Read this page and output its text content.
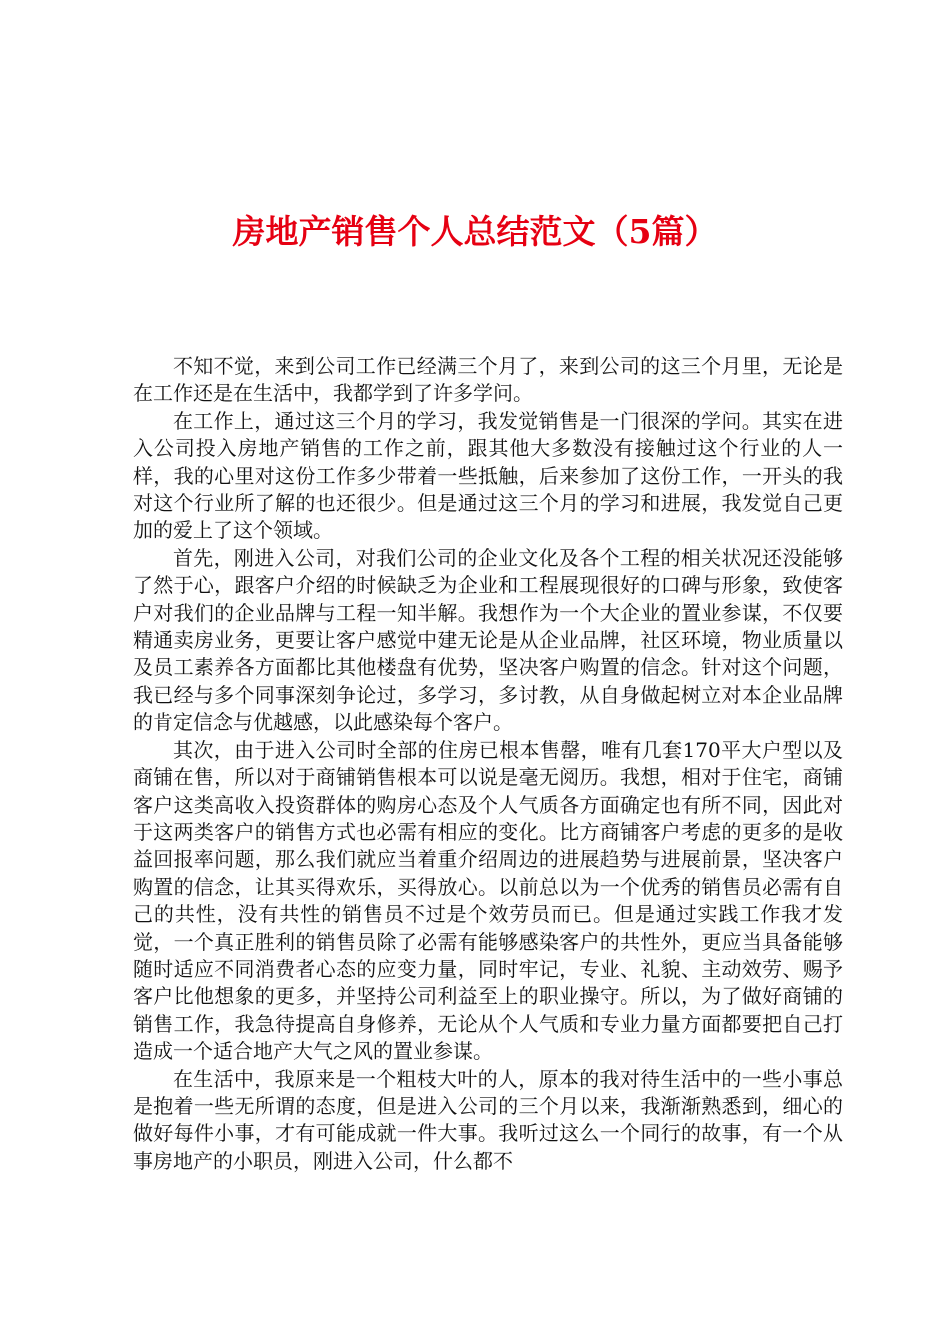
房地产销售个人总结范文（5篇）

不知不觉，来到公司工作已经满三个月了，来到公司的这三个月里，无论是在工作还是在生活中，我都学到了许多学问。

在工作上，通过这三个月的学习，我发觉销售是一门很深的学问。其实在进入公司投入房地产销售的工作之前，跟其他大多数没有接触过这个行业的人一样，我的心里对这份工作多少带着一些抵触，后来参加了这份工作，一开头的我对这个行业所了解的也还很少。但是通过这三个月的学习和进展，我发觉自己更加的爱上了这个领域。

首先，刚进入公司，对我们公司的企业文化及各个工程的相关状况还没能够了然于心，跟客户介绍的时候缺乏为企业和工程展现很好的口碑与形象，致使客户对我们的企业品牌与工程一知半解。我想作为一个大企业的置业参谋，不仅要精通卖房业务，更要让客户感觉中建无论是从企业品牌，社区环境，物业质量以及员工素养各方面都比其他楼盘有优势，坚决客户购置的信念。针对这个问题，我已经与多个同事深刻争论过，多学习，多讨教，从自身做起树立对本企业品牌的肯定信念与优越感，以此感染每个客户。

其次，由于进入公司时全部的住房已根本售罄，唯有几套170平大户型以及商铺在售，所以对于商铺销售根本可以说是毫无阅历。我想，相对于住宅，商铺客户这类高收入投资群体的购房心态及个人气质各方面确定也有所不同，因此对于这两类客户的销售方式也必需有相应的变化。比方商铺客户考虑的更多的是收益回报率问题，那么我们就应当着重介绍周边的进展趋势与进展前景，坚决客户购置的信念，让其买得欢乐，买得放心。以前总以为一个优秀的销售员必需有自己的共性，没有共性的销售员不过是个效劳员而已。但是通过实践工作我才发觉，一个真正胜利的销售员除了必需有能够感染客户的共性外，更应当具备能够随时适应不同消费者心态的应变力量，同时牢记，专业、礼貌、主动效劳、赐予客户比他想象的更多，并坚持公司利益至上的职业操守。所以，为了做好商铺的销售工作，我急待提高自身修养，无论从个人气质和专业力量方面都要把自己打造成一个适合地产大气之风的置业参谋。

在生活中，我原来是一个粗枝大叶的人，原本的我对待生活中的一些小事总是抱着一些无所谓的态度，但是进入公司的三个月以来，我渐渐熟悉到，细心的做好每件小事，才有可能成就一件大事。我听过这么一个同行的故事，有一个从事房地产的小职员，刚进入公司，什么都不
